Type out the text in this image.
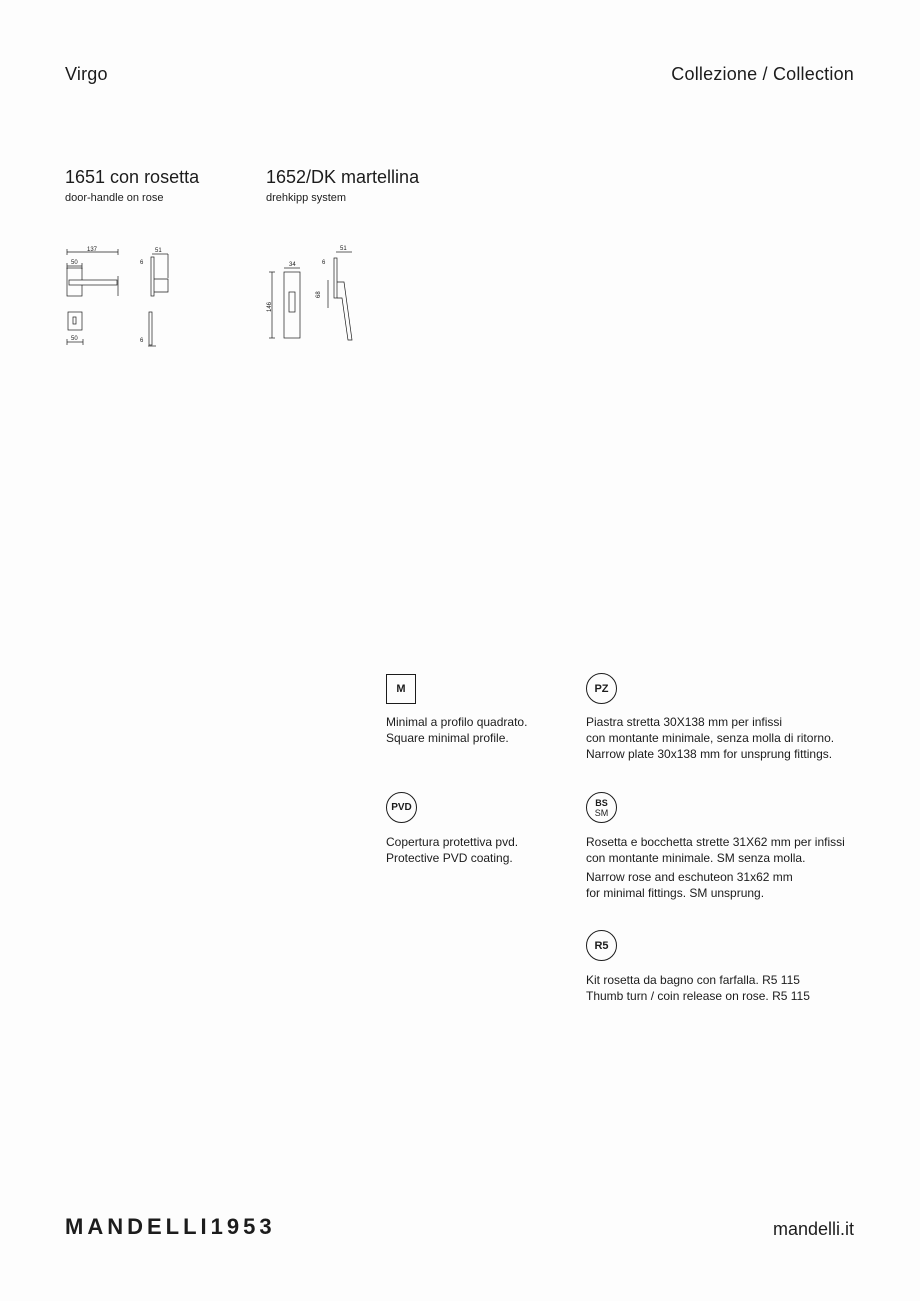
Virgo	Collezione / Collection
1651 con rosetta
door-handle on rose
1652/DK martellina
drehkipp system
137
50
51
6
50	6
146
34
51
6
68
M
Minimal a profilo quadrato.
Square minimal profile.
PZ
Piastra stretta 30X138 mm per infissi
con montante minimale, senza molla di ritorno.
Narrow plate 30x138 mm for unsprung fittings.
PVD
Copertura protettiva pvd.
Protective PVD coating.
BS
SM
Rosetta e bocchetta strette 31X62 mm per infissi
con montante minimale. SM senza molla.
Narrow rose and eschuteon 31x62 mm
for minimal fittings. SM unsprung.
R5
Kit rosetta da bagno con farfalla. R5 115
Thumb turn / coin release on rose. R5 115
MANDELLI1953	mandelli.it
